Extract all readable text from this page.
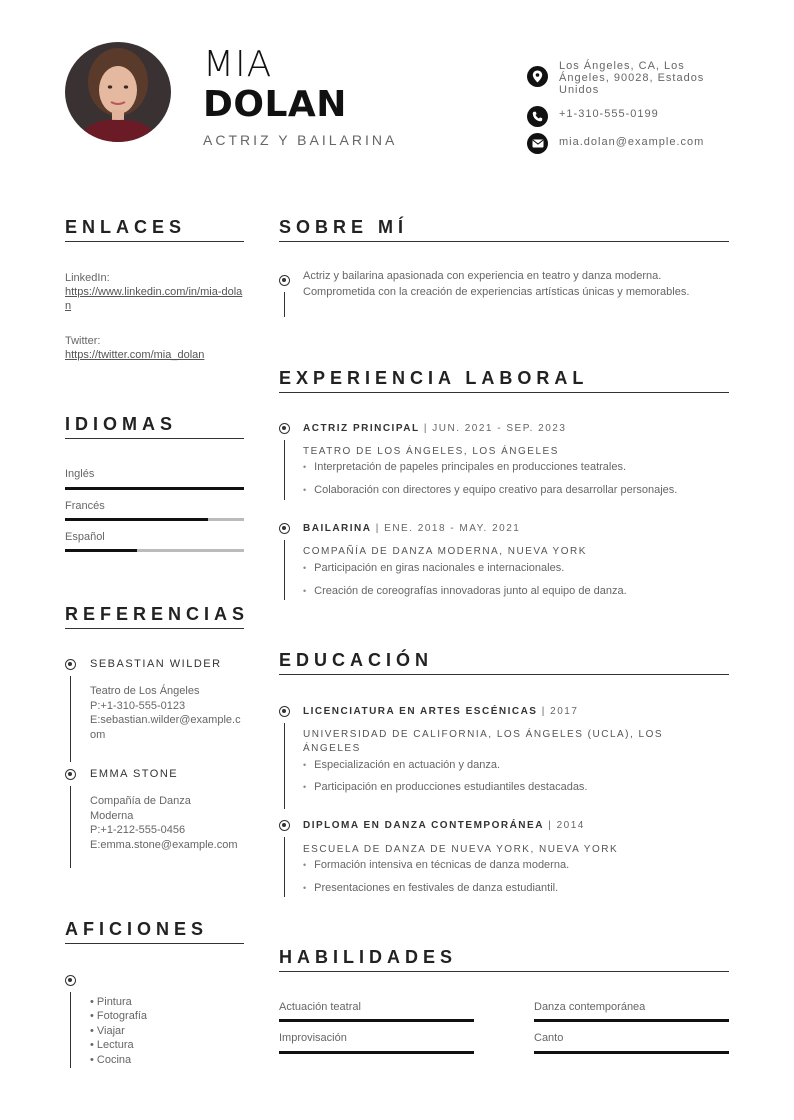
MIA
DOLAN
ACTRIZ Y BAILARINA
Los Ángeles, CA, Los Ángeles, 90028, Estados Unidos
+1-310-555-0199
mia.dolan@example.com
ENLACES
LinkedIn:
https://www.linkedin.com/in/mia-dolan
Twitter:
https://twitter.com/mia_dolan
IDIOMAS
Inglés
Francés
Español
REFERENCIAS
SEBASTIAN WILDER
Teatro de Los Ángeles
P:+1-310-555-0123
E:sebastian.wilder@example.com
EMMA STONE
Compañía de Danza Moderna
P:+1-212-555-0456
E:emma.stone@example.com
AFICIONES
• Pintura
• Fotografía
• Viajar
• Lectura
• Cocina
SOBRE MÍ
Actriz y bailarina apasionada con experiencia en teatro y danza moderna. Comprometida con la creación de experiencias artísticas únicas y memorables.
EXPERIENCIA LABORAL
ACTRIZ PRINCIPAL | JUN. 2021 - SEP. 2023
TEATRO DE LOS ÁNGELES, LOS ÁNGELES
• Interpretación de papeles principales en producciones teatrales.
• Colaboración con directores y equipo creativo para desarrollar personajes.
BAILARINA | ENE. 2018 - MAY. 2021
COMPAÑÍA DE DANZA MODERNA, NUEVA YORK
• Participación en giras nacionales e internacionales.
• Creación de coreografías innovadoras junto al equipo de danza.
EDUCACIÓN
LICENCIATURA EN ARTES ESCÉNICAS | 2017
UNIVERSIDAD DE CALIFORNIA, LOS ÁNGELES (UCLA), LOS ÁNGELES
• Especialización en actuación y danza.
• Participación en producciones estudiantiles destacadas.
DIPLOMA EN DANZA CONTEMPORÁNEA | 2014
ESCUELA DE DANZA DE NUEVA YORK, NUEVA YORK
• Formación intensiva en técnicas de danza moderna.
• Presentaciones en festivales de danza estudiantil.
HABILIDADES
Actuación teatral	Danza contemporánea
Improvisación	Canto
